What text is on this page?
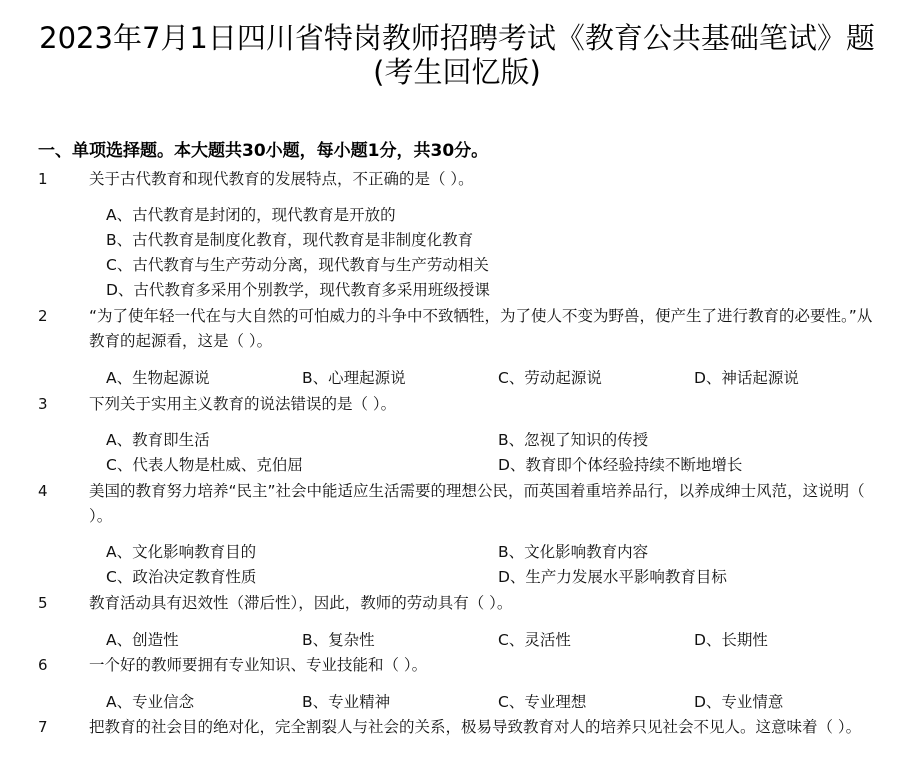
2023年7月1日四川省特岗教师招聘考试《教育公共基础笔试》题
(考生回忆版)
一、单项选择题。本大题共30小题，每小题1分，共30分。
1	关于古代教育和现代教育的发展特点，不正确的是（ ）。
A、古代教育是封闭的，现代教育是开放的
B、古代教育是制度化教育，现代教育是非制度化教育
C、古代教育与生产劳动分离，现代教育与生产劳动相关
D、古代教育多采用个别教学，现代教育多采用班级授课
2	“为了使年轻一代在与大自然的可怕威力的斗争中不致牺牲，为了使人不变为野兽，便产生了进行教育的必要性。”从教育的起源看，这是（ ）。
A、生物起源说	B、心理起源说	C、劳动起源说	D、神话起源说
3	下列关于实用主义教育的说法错误的是（ ）。
A、教育即生活	B、忽视了知识的传授
C、代表人物是杜威、克伯屈	D、教育即个体经验持续不断地增长
4	美国的教育努力培养“民主”社会中能适应生活需要的理想公民，而英国着重培养品行，以养成绅士风范，这说明（ ）。
A、文化影响教育目的	B、文化影响教育内容
C、政治决定教育性质	D、生产力发展水平影响教育目标
5	教育活动具有迟效性（滞后性），因此，教师的劳动具有（ ）。
A、创造性	B、复杂性	C、灵活性	D、长期性
6	一个好的教师要拥有专业知识、专业技能和（ ）。
A、专业信念	B、专业精神	C、专业理想	D、专业情意
7	把教育的社会目的绝对化，完全割裂人与社会的关系，极易导致教育对人的培养只见社会不见人。这意味着（ ）。
